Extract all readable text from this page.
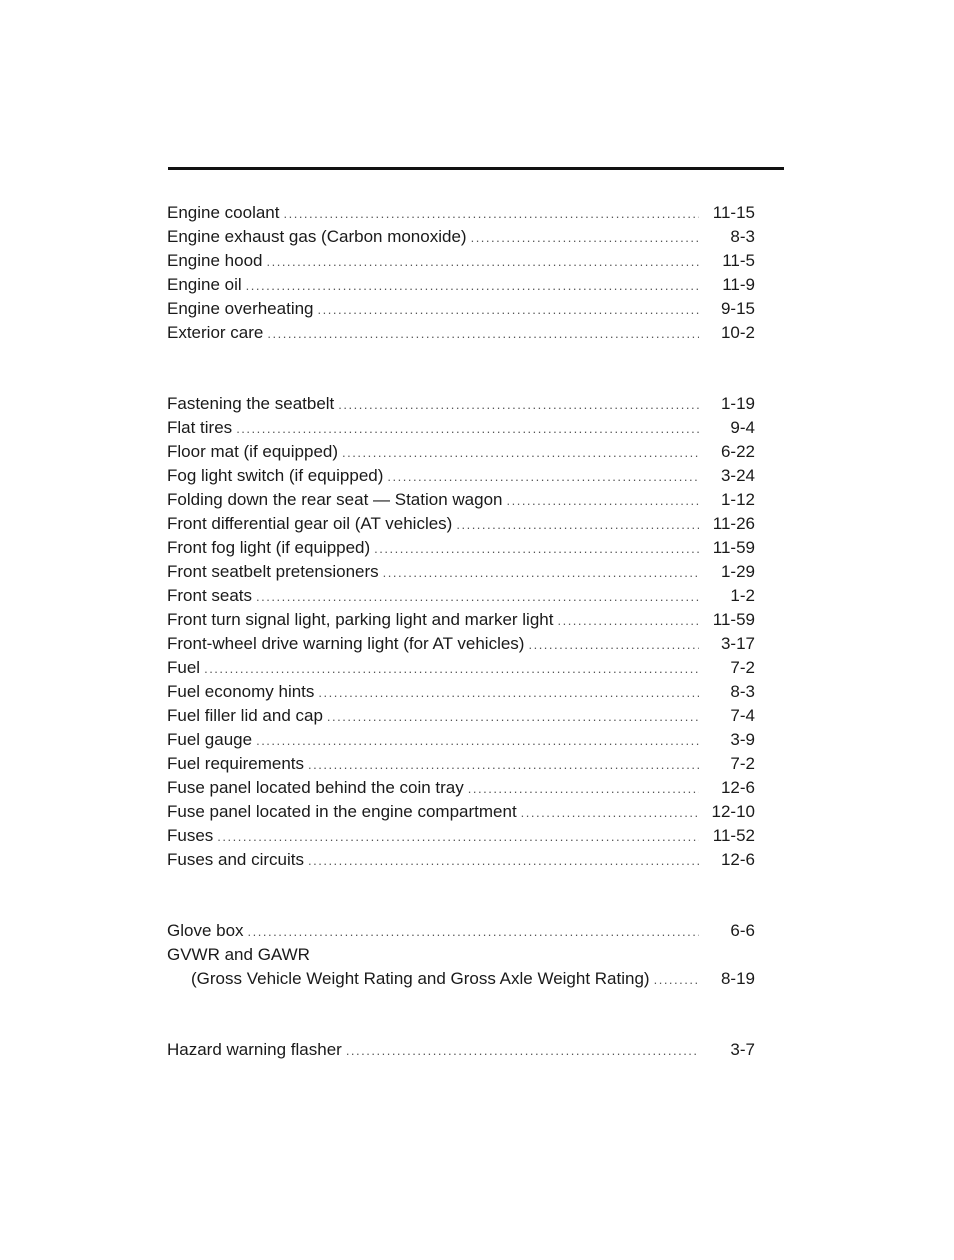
Engine coolant .....	11-15
Engine exhaust gas (Carbon monoxide) .....	8-3
Engine hood .....	11-5
Engine oil .....	11-9
Engine overheating .....	9-15
Exterior care .....	10-2
Fastening the seatbelt .....	1-19
Flat tires .....	9-4
Floor mat (if equipped) .....	6-22
Fog light switch (if equipped) .....	3-24
Folding down the rear seat — Station wagon .....	1-12
Front differential gear oil (AT vehicles) .....	11-26
Front fog light (if equipped) .....	11-59
Front seatbelt pretensioners .....	1-29
Front seats .....	1-2
Front turn signal light, parking light and marker light .....	11-59
Front-wheel drive warning light (for AT vehicles) .....	3-17
Fuel .....	7-2
Fuel economy hints .....	8-3
Fuel filler lid and cap .....	7-4
Fuel gauge .....	3-9
Fuel requirements .....	7-2
Fuse panel located behind the coin tray .....	12-6
Fuse panel located in the engine compartment .....	12-10
Fuses .....	11-52
Fuses and circuits .....	12-6
Glove box .....	6-6
GVWR and GAWR
(Gross Vehicle Weight Rating and Gross Axle Weight Rating) .....	8-19
Hazard warning flasher .....	3-7
